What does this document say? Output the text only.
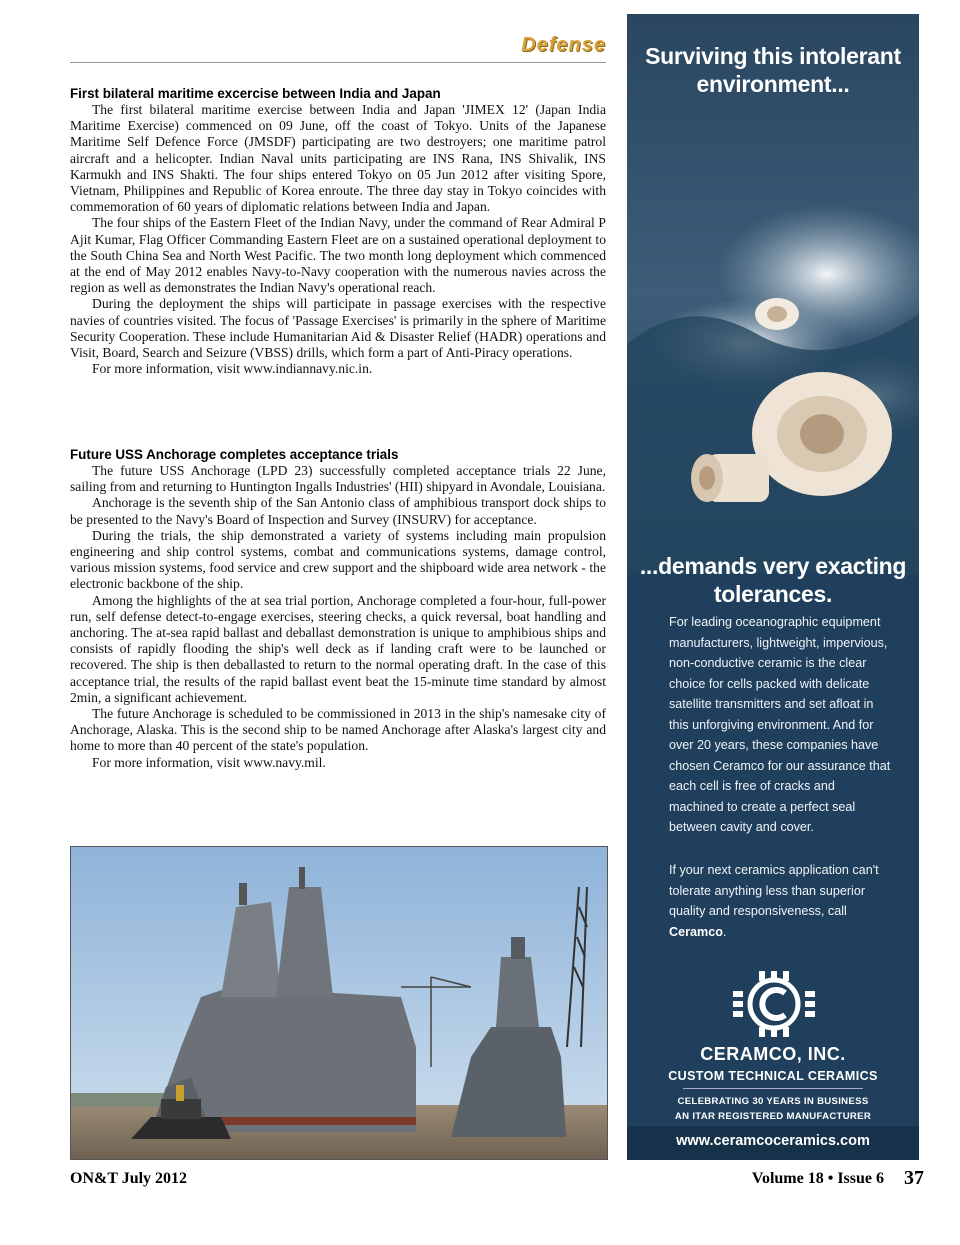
Defense

First bilateral maritime excercise between India and Japan

The first bilateral maritime exercise between India and Japan 'JIMEX 12' (Japan India Maritime Exercise) commenced on 09 June, off the coast of Tokyo. Units of the Japanese Maritime Self Defence Force (JMSDF) participating are two destroyers; one maritime patrol aircraft and a helicopter. Indian Naval units participating are INS Rana, INS Shivalik, INS Karmukh and INS Shakti. The four ships entered Tokyo on 05 Jun 2012 after visiting Spore, Vietnam, Philippines and Republic of Korea enroute. The three day stay in Tokyo coincides with commemoration of 60 years of diplomatic relations between India and Japan.

The four ships of the Eastern Fleet of the Indian Navy, under the command of Rear Admiral P Ajit Kumar, Flag Officer Commanding Eastern Fleet are on a sustained operational deployment to the South China Sea and North West Pacific. The two month long deployment which commenced at the end of May 2012 enables Navy-to-Navy cooperation with the numerous navies across the region as well as demonstrates the Indian Navy's operational reach.

During the deployment the ships will participate in passage exercises with the respective navies of countries visited. The focus of 'Passage Exercises' is primarily in the sphere of Maritime Security Cooperation. These include Humanitarian Aid & Disaster Relief (HADR) operations and Visit, Board, Search and Seizure (VBSS) drills, which form a part of Anti-Piracy operations.

For more information, visit www.indiannavy.nic.in.

Future USS Anchorage completes acceptance trials

The future USS Anchorage (LPD 23) successfully completed acceptance trials 22 June, sailing from and returning to Huntington Ingalls Industries' (HII) shipyard in Avondale, Louisiana.

Anchorage is the seventh ship of the San Antonio class of amphibious transport dock ships to be presented to the Navy's Board of Inspection and Survey (INSURV) for acceptance.

During the trials, the ship demonstrated a variety of systems including main propulsion engineering and ship control systems, combat and communications systems, damage control, various mission systems, food service and crew support and the shipboard wide area network - the electronic backbone of the ship.

Among the highlights of the at sea trial portion, Anchorage completed a four-hour, full-power run, self defense detect-to-engage exercises, steering checks, a quick reversal, boat handling and anchoring. The at-sea rapid ballast and deballast demonstration is unique to amphibious ships and consists of rapidly flooding the ship's well deck as if landing craft were to be launched or recovered. The ship is then deballasted to return to the normal operating draft. In the case of this acceptance trial, the results of the rapid ballast event beat the 15-minute time standard by almost 2min, a significant achievement.

The future Anchorage is scheduled to be commissioned in 2013 in the ship's namesake city of Anchorage, Alaska. This is the second ship to be named Anchorage after Alaska's largest city and home to more than 40 percent of the state's population.

For more information, visit www.navy.mil.

Surviving this intolerant environment...
...demands very exacting tolerances.
For leading oceanographic equipment manufacturers, lightweight, impervious, non-conductive ceramic is the clear choice for cells packed with delicate satellite transmitters and set afloat in this unforgiving environment. And for over 20 years, these companies have chosen Ceramco for our assurance that each cell is free of cracks and machined to create a perfect seal between cavity and cover.
If your next ceramics application can't tolerate anything less than superior quality and responsiveness, call Ceramco.
CERAMCO, INC.
CUSTOM TECHNICAL CERAMICS
CELEBRATING 30 YEARS IN BUSINESS
AN ITAR REGISTERED MANUFACTURER
www.ceramcoceramics.com
ON&T July 2012	Volume 18 • Issue 6 37
